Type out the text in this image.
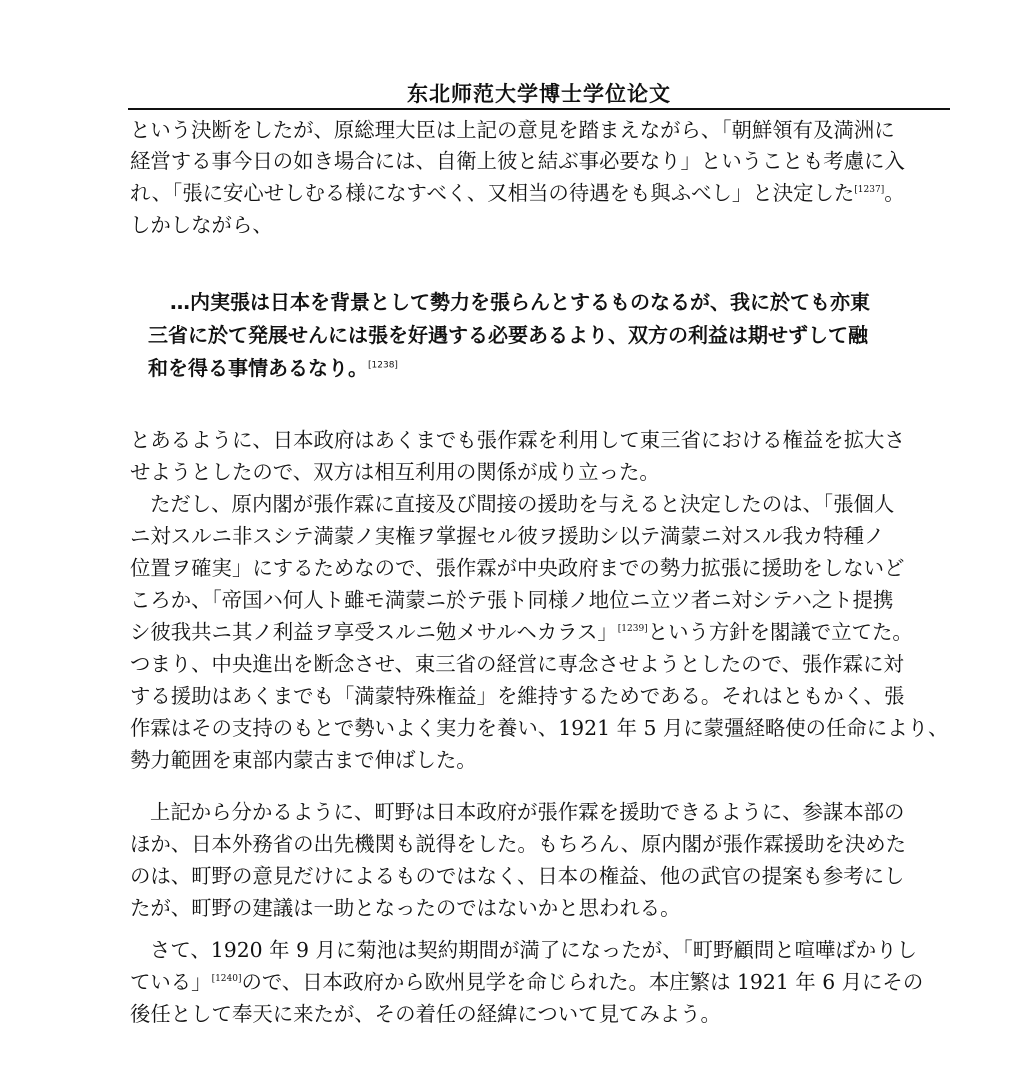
东北师范大学博士学位论文
という決断をしたが、原総理大臣は上記の意見を踏まえながら、「朝鮮領有及満洲に
経営する事今日の如き場合には、自衛上彼と結ぶ事必要なり」ということも考慮に入
れ、「張に安心せしむる様になすべく、又相当の待遇をも與ふべし」と決定した[1237]。
しかしながら、
…内実張は日本を背景として勢力を張らんとするものなるが、我に於ても亦東
三省に於て発展せんには張を好遇する必要あるより、双方の利益は期せずして融
和を得る事情あるなり。[1238]
とあるように、日本政府はあくまでも張作霖を利用して東三省における権益を拡大さ
せようとしたので、双方は相互利用の関係が成り立った。
ただし、原内閣が張作霖に直接及び間接の援助を与えると決定したのは、「張個人
ニ対スルニ非スシテ満蒙ノ実権ヲ掌握セル彼ヲ援助シ以テ満蒙ニ対スル我カ特種ノ
位置ヲ確実」にするためなので、張作霖が中央政府までの勢力拡張に援助をしないど
ころか、「帝国ハ何人ト雖モ満蒙ニ於テ張ト同様ノ地位ニ立ツ者ニ対シテハ之ト提携
シ彼我共ニ其ノ利益ヲ享受スルニ勉メサルヘカラス」[1239]という方針を閣議で立てた。
つまり、中央進出を断念させ、東三省の経営に専念させようとしたので、張作霖に対
する援助はあくまでも「満蒙特殊権益」を維持するためである。それはともかく、張
作霖はその支持のもとで勢いよく実力を養い、1921 年 5 月に蒙彊経略使の任命により、
勢力範囲を東部内蒙古まで伸ばした。
上記から分かるように、町野は日本政府が張作霖を援助できるように、参謀本部の
ほか、日本外務省の出先機関も説得をした。もちろん、原内閣が張作霖援助を決めた
のは、町野の意見だけによるものではなく、日本の権益、他の武官の提案も参考にし
たが、町野の建議は一助となったのではないかと思われる。
さて、1920 年 9 月に菊池は契約期間が満了になったが、「町野顧問と喧嘩ばかりし
ている」[1240]ので、日本政府から欧州見学を命じられた。本庄繁は 1921 年 6 月にその
後任として奉天に来たが、その着任の経緯について見てみよう。
